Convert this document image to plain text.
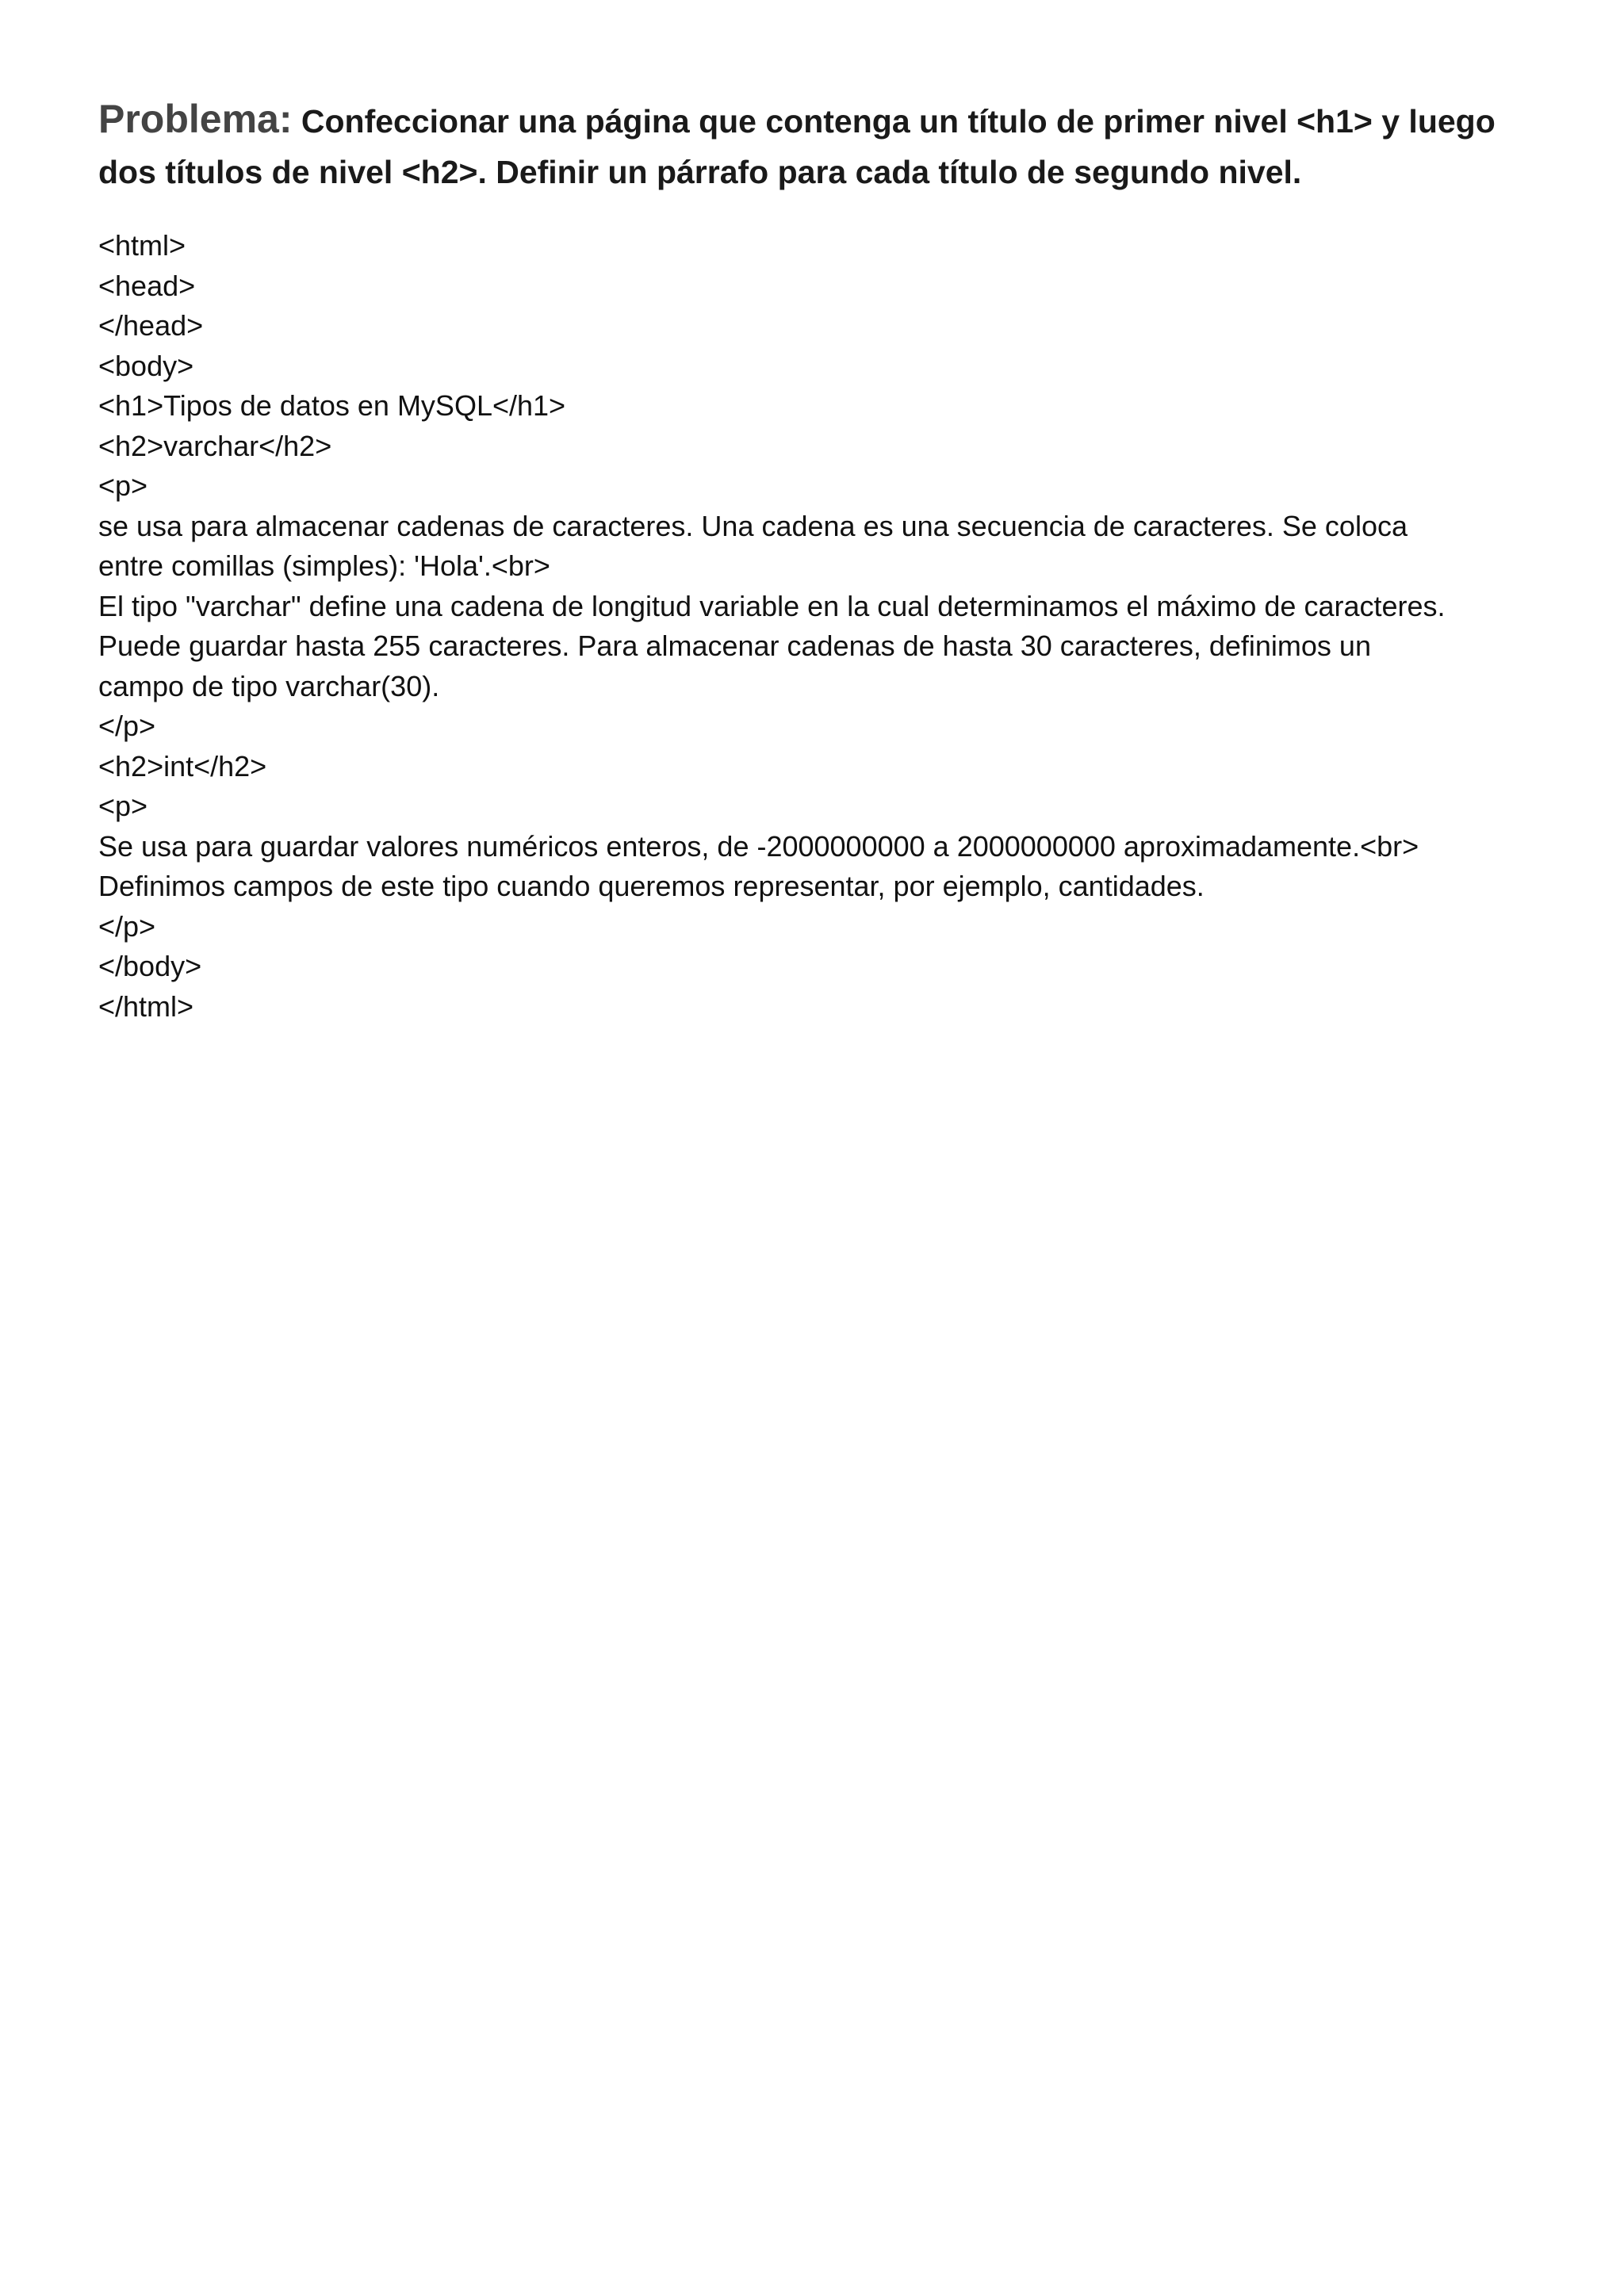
Problema: Confeccionar una página que contenga un título de primer nivel <h1> y luego dos títulos de nivel <h2>. Definir un párrafo para cada título de segundo nivel.

<html>
<head>
</head>
<body>
<h1>Tipos de datos en MySQL</h1>
<h2>varchar</h2>
<p>
se usa para almacenar cadenas de caracteres. Una cadena es una secuencia de caracteres. Se coloca
entre comillas (simples): 'Hola'.<br>
El tipo "varchar" define una cadena de longitud variable en la cual determinamos el máximo de caracteres.
Puede guardar hasta 255 caracteres. Para almacenar cadenas de hasta 30 caracteres, definimos un
campo de tipo varchar(30).
</p>
<h2>int</h2>
<p>
Se usa para guardar valores numéricos enteros, de -2000000000 a 2000000000 aproximadamente.<br>
Definimos campos de este tipo cuando queremos representar, por ejemplo, cantidades.
</p>
</body>
</html>
